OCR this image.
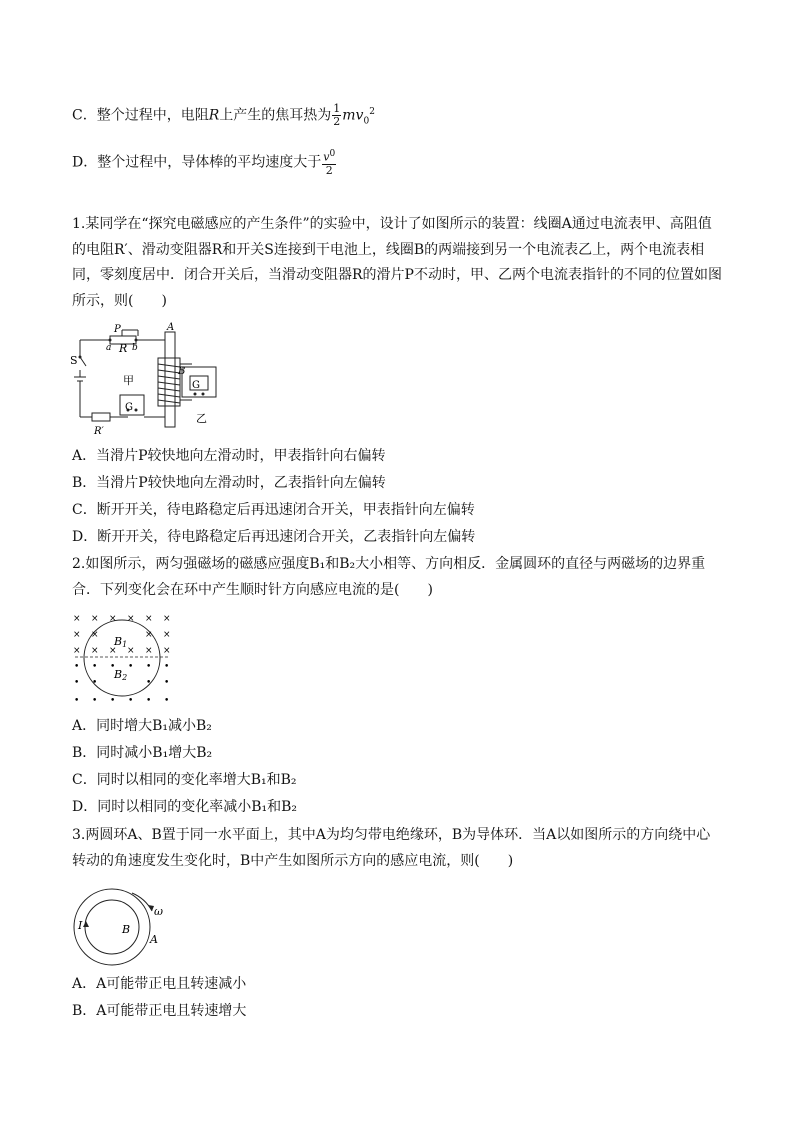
C．整个过程中，电阻R上产生的焦耳热为 $\frac{1}{2} mv_0^2$
D．整个过程中，导体棒的平均速度大于 $\frac{v^0}{2}$
1.某同学在“探究电磁感应的产生条件”的实验中，设计了如图所示的装置：线圈A通过电流表甲、高阻值的电阻R′、滑动变阻器R和开关S连接到干电池上，线圈B的两端接到另一个电流表乙上，两个电流表相同，零刻度居中．闭合开关后，当滑动变阻器R的滑片P不动时，甲、乙两个电流表指针的不同的位置如图所示，则(　　)
P
a R b
A
S
甲
B
G
G
乙
R′
A．当滑片P较快地向左滑动时，甲表指针向右偏转
B．当滑片P较快地向左滑动时，乙表指针向左偏转
C．断开开关，待电路稳定后再迅速闭合开关，甲表指针向左偏转
D．断开开关，待电路稳定后再迅速闭合开关，乙表指针向左偏转
2.如图所示，两匀强磁场的磁感应强度B₁和B₂大小相等、方向相反．金属圆环的直径与两磁场的边界重合．下列变化会在环中产生顺时针方向感应电流的是(　　)
× × × × × ×
× ×	× ×
× × × × × ×
• • • • • •
• •	• •
• • • • • •
B1
B2
A．同时增大B₁减小B₂
B．同时减小B₁增大B₂
C．同时以相同的变化率增大B₁和B₂
D．同时以相同的变化率减小B₁和B₂
3.两圆环A、B置于同一水平面上，其中A为均匀带电绝缘环，B为导体环．当A以如图所示的方向绕中心转动的角速度发生变化时，B中产生如图所示方向的感应电流，则(　　)
I	B
A
ω
A．A可能带正电且转速减小
B．A可能带正电且转速增大
